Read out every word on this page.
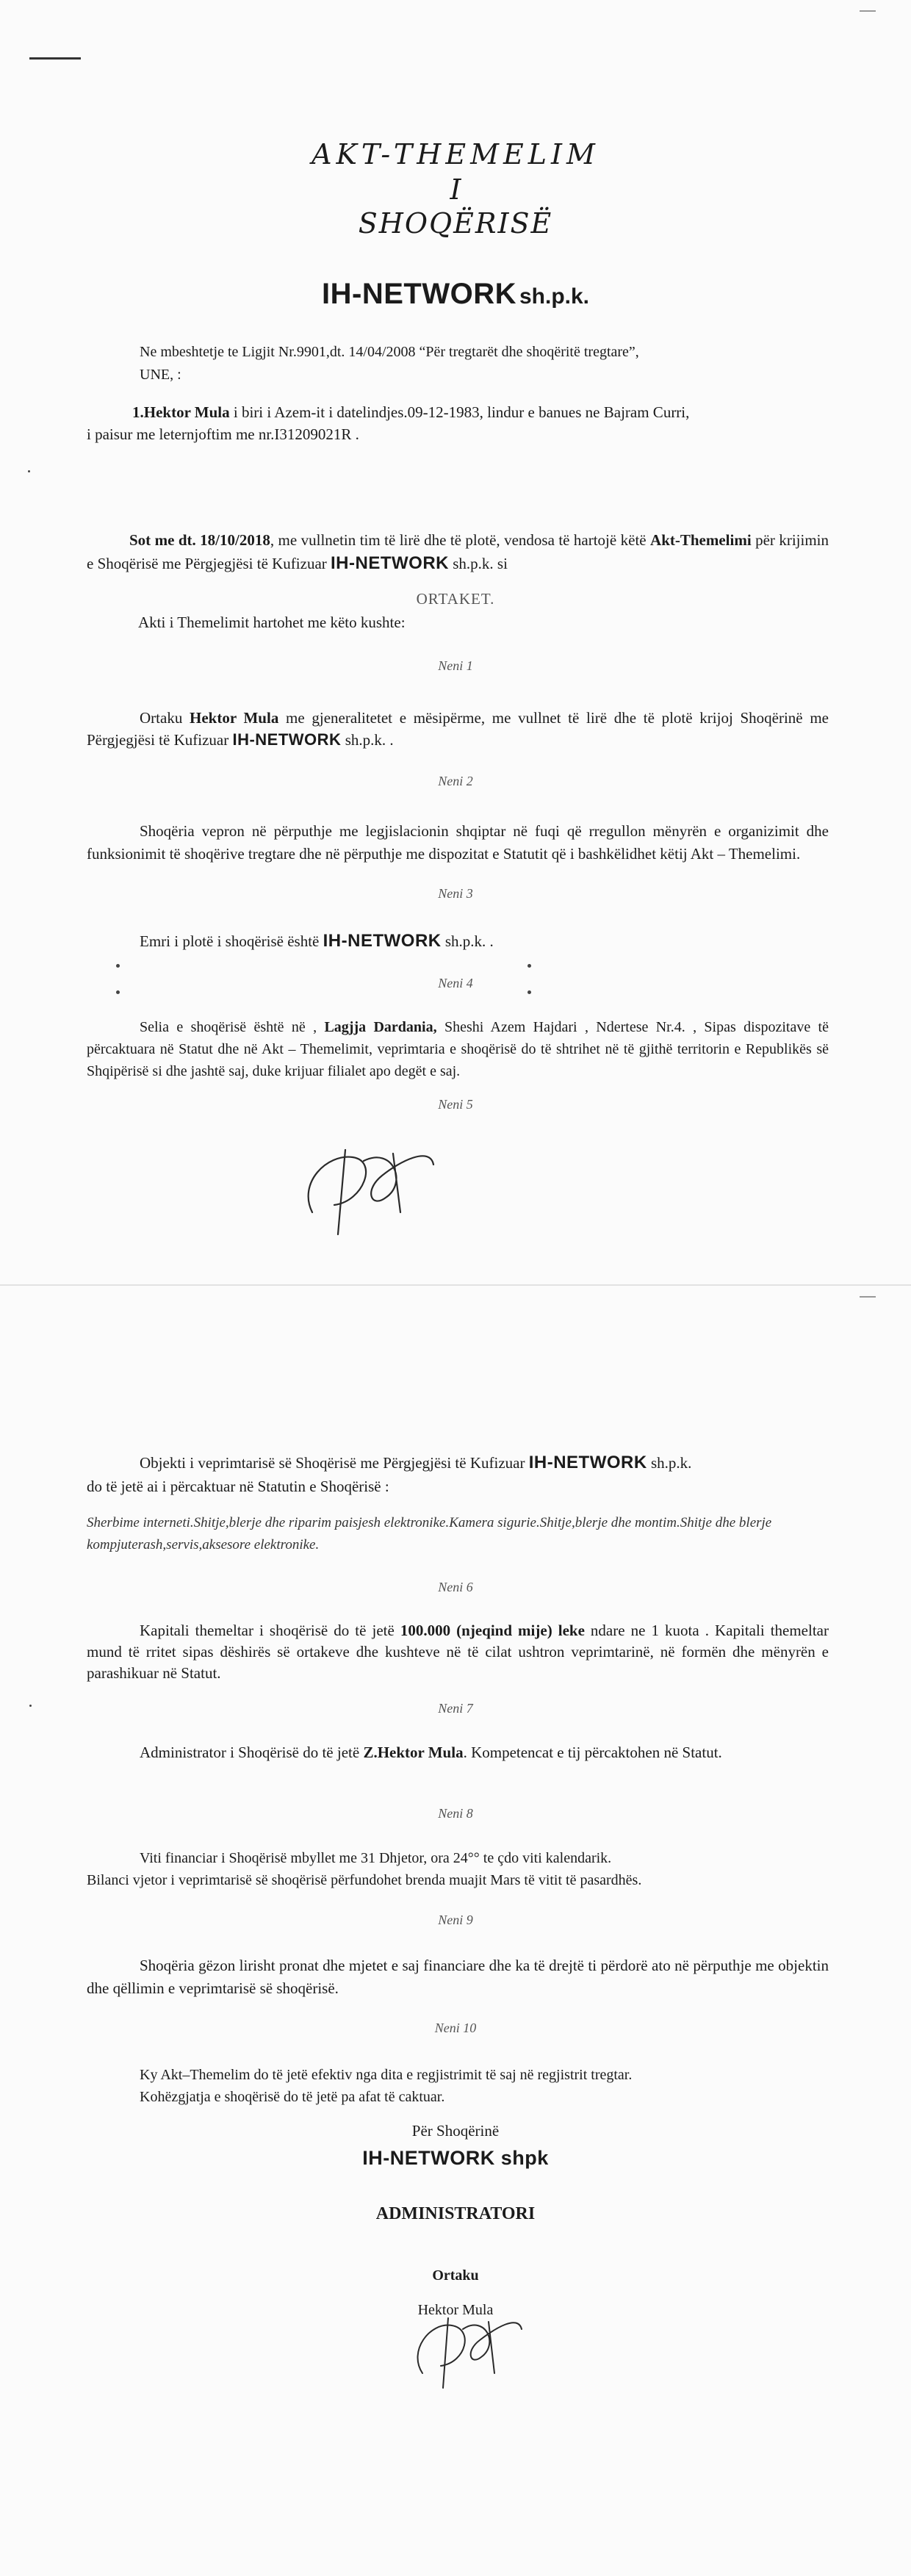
AKT-THEMELIM
I
SHOQËRISË
IH-NETWORK sh.p.k.
Ne mbeshtetje te Ligjit Nr.9901,dt. 14/04/2008 “Për tregtarët dhe shoqëritë tregtare”,
UNE, :
1.Hektor Mula i biri i Azem-it i datelindjes.09-12-1983, lindur e banues ne Bajram Curri,
i paisur me leternjoftim me nr.I31209021R .
Sot me dt. 18/10/2018, me vullnetin tim të lirë dhe të plotë, vendosa të hartojë këtë Akt-Themelimi për krijimin e Shoqërisë me Përgjegjësi të Kufizuar IH-NETWORK sh.p.k. si
ORTAKET.
Akti i Themelimit hartohet me këto kushte:
Neni 1
Ortaku Hektor Mula me gjeneralitetet e mësipërme, me vullnet të lirë dhe të plotë krijoj Shoqërinë me Përgjegjësi të Kufizuar IH-NETWORK sh.p.k. .
Neni 2
Shoqëria vepron në përputhje me legjislacionin shqiptar në fuqi që rregullon mënyrën e organizimit dhe funksionimit të shoqërive tregtare dhe në përputhje me dispozitat e Statutit që i bashkëlidhet këtij Akt – Themelimi.
Neni 3
Emri i plotë i shoqërisë është IH-NETWORK sh.p.k. .
Neni 4
Selia e shoqërisë është në , Lagjja Dardania, Sheshi Azem Hajdari , Ndertese Nr.4. , Sipas dispozitave të përcaktuara në Statut dhe në Akt – Themelimit, veprimtaria e shoqërisë do të shtrihet në të gjithë territorin e Republikës së Shqipërisë si dhe jashtë saj, duke krijuar filialet apo degët e saj.
Neni 5
Objekti i veprimtarisë së Shoqërisë me Përgjegjësi të Kufizuar IH-NETWORK sh.p.k.
do të jetë ai i përcaktuar në Statutin e Shoqërisë :
Sherbime interneti.Shitje,blerje dhe riparim paisjesh elektronike.Kamera sigurie.Shitje,blerje dhe montim.Shitje dhe blerje kompjuterash,servis,aksesore elektronike.
Neni 6
Kapitali themeltar i shoqërisë do të jetë 100.000 (njeqind mije) leke ndare ne 1 kuota . Kapitali themeltar mund të rritet sipas dëshirës së ortakeve dhe kushteve në të cilat ushtron veprimtarinë, në formën dhe mënyrën e parashikuar në Statut.
Neni 7
Administrator i Shoqërisë do të jetë Z.Hektor Mula. Kompetencat e tij përcaktohen në Statut.
Neni 8
Viti financiar i Shoqërisë mbyllet me 31 Dhjetor, ora 24°° te çdo viti kalendarik.
Bilanci vjetor i veprimtarisë së shoqërisë përfundohet brenda muajit Mars të vitit të pasardhës.
Neni 9
Shoqëria gëzon lirisht pronat dhe mjetet e saj financiare dhe ka të drejtë ti përdorë ato në përputhje me objektin dhe qëllimin e veprimtarisë së shoqërisë.
Neni 10
Ky Akt–Themelim do të jetë efektiv nga dita e regjistrimit të saj në regjistrit tregtar.
Kohëzgjatja e shoqërisë do të jetë pa afat të caktuar.
Për Shoqërinë
IH-NETWORK shpk
ADMINISTRATORI
Ortaku
Hektor Mula
